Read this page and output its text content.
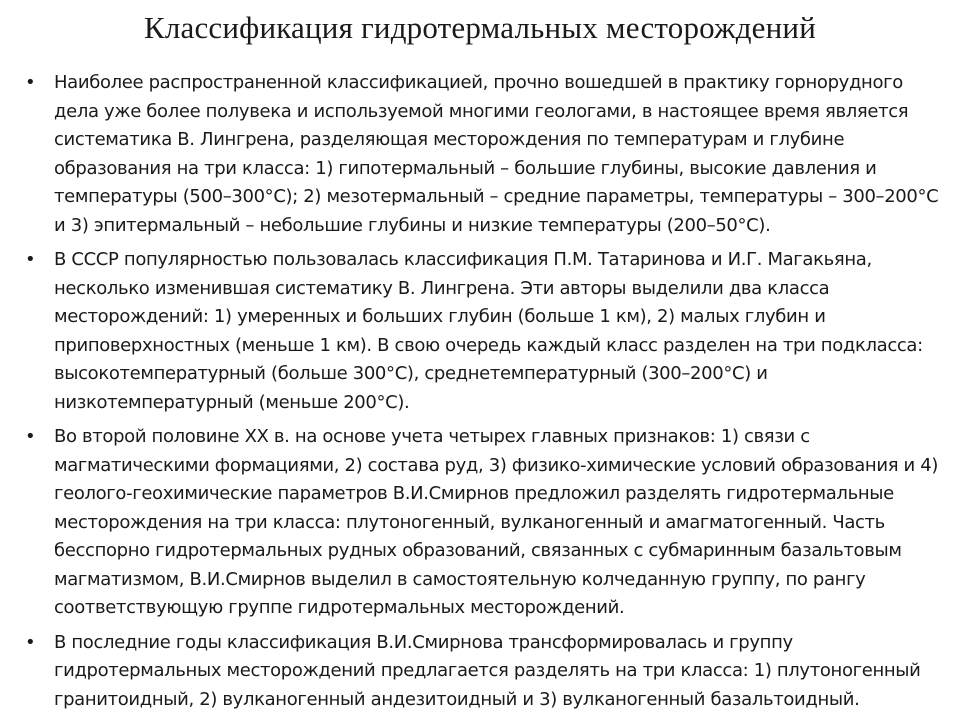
Классификация гидротермальных месторождений
• Наиболее распространенной классификацией, прочно вошедшей в практику горнорудного дела уже более полувека и используемой многими геологами, в настоящее время является систематика В. Лингрена, разделяющая месторождения по температурам и глубине образования на три класса: 1) гипотермальный – большие глубины, высокие давления и температуры (500–300°С); 2) мезотермальный – средние параметры, температуры – 300–200°С и 3) эпитермальный – небольшие глубины и низкие температуры (200–50°С).
• В СССР популярностью пользовалась классификация П.М. Татаринова и И.Г. Магакьяна, несколько изменившая систематику В. Лингрена. Эти авторы выделили два класса месторождений: 1) умеренных и больших глубин (больше 1 км), 2) малых глубин и приповерхностных (меньше 1 км). В свою очередь каждый класс разделен на три подкласса: высокотемпературный (больше 300°С), среднетемпературный (300–200°С) и низкотемпературный (меньше 200°С).
• Во второй половине XX в. на основе учета четырех главных признаков: 1) связи с магматическими формациями, 2) состава руд, 3) физико-химические условий образования и 4) геолого-геохимические параметров В.И.Смирнов предложил разделять гидротермальные месторождения на три класса: плутоногенный, вулканогенный и амагматогенный. Часть бесспорно гидротермальных рудных образований, связанных с субмаринным базальтовым магматизмом, В.И.Смирнов выделил в самостоятельную колчеданную группу, по рангу соответствующую группе гидротермальных месторождений.
• В последние годы классификация В.И.Смирнова трансформировалась и группу гидротермальных месторождений предлагается разделять на три класса: 1) плутоногенный гранитоидный, 2) вулканогенный андезитоидный и 3) вулканогенный базальтоидный.
